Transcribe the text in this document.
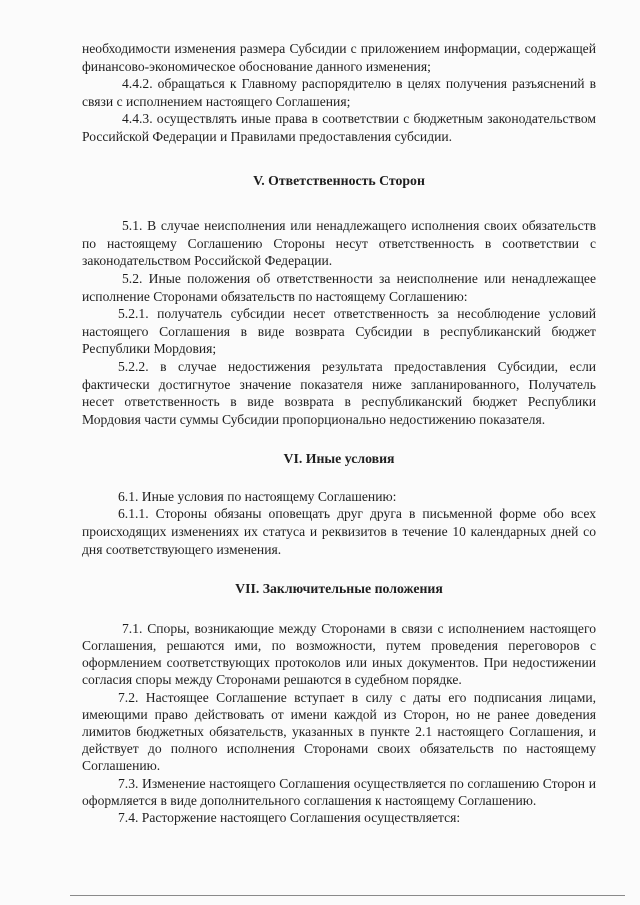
необходимости изменения размера Субсидии с приложением информации, содержащей финансово-экономическое обоснование данного изменения;

4.4.2. обращаться к Главному распорядителю в целях получения разъяснений в связи с исполнением настоящего Соглашения;

4.4.3. осуществлять иные права в соответствии с бюджетным законодательством Российской Федерации и Правилами предоставления субсидии.

V. Ответственность Сторон

5.1. В случае неисполнения или ненадлежащего исполнения своих обязательств по настоящему Соглашению Стороны несут ответственность в соответствии с законодательством Российской Федерации.

5.2. Иные положения об ответственности за неисполнение или ненадлежащее исполнение Сторонами обязательств по настоящему Соглашению:

5.2.1. получатель субсидии несет ответственность за несоблюдение условий настоящего Соглашения в виде возврата Субсидии в республиканский бюджет Республики Мордовия;

5.2.2. в случае недостижения результата предоставления Субсидии, если фактически достигнутое значение показателя ниже запланированного, Получатель несет ответственность в виде возврата в республиканский бюджет Республики Мордовия части суммы Субсидии пропорционально недостижению показателя.

VI. Иные условия

6.1. Иные условия по настоящему Соглашению:

6.1.1. Стороны обязаны оповещать друг друга в письменной форме обо всех происходящих изменениях их статуса и реквизитов в течение 10 календарных дней со дня соответствующего изменения.

VII. Заключительные положения

7.1. Споры, возникающие между Сторонами в связи с исполнением настоящего Соглашения, решаются ими, по возможности, путем проведения переговоров с оформлением соответствующих протоколов или иных документов. При недостижении согласия споры между Сторонами решаются в судебном порядке.

7.2. Настоящее Соглашение вступает в силу с даты его подписания лицами, имеющими право действовать от имени каждой из Сторон, но не ранее доведения лимитов бюджетных обязательств, указанных в пункте 2.1 настоящего Соглашения, и действует до полного исполнения Сторонами своих обязательств по настоящему Соглашению.

7.3. Изменение настоящего Соглашения осуществляется по соглашению Сторон и оформляется в виде дополнительного соглашения к настоящему Соглашению.

7.4. Расторжение настоящего Соглашения осуществляется:
